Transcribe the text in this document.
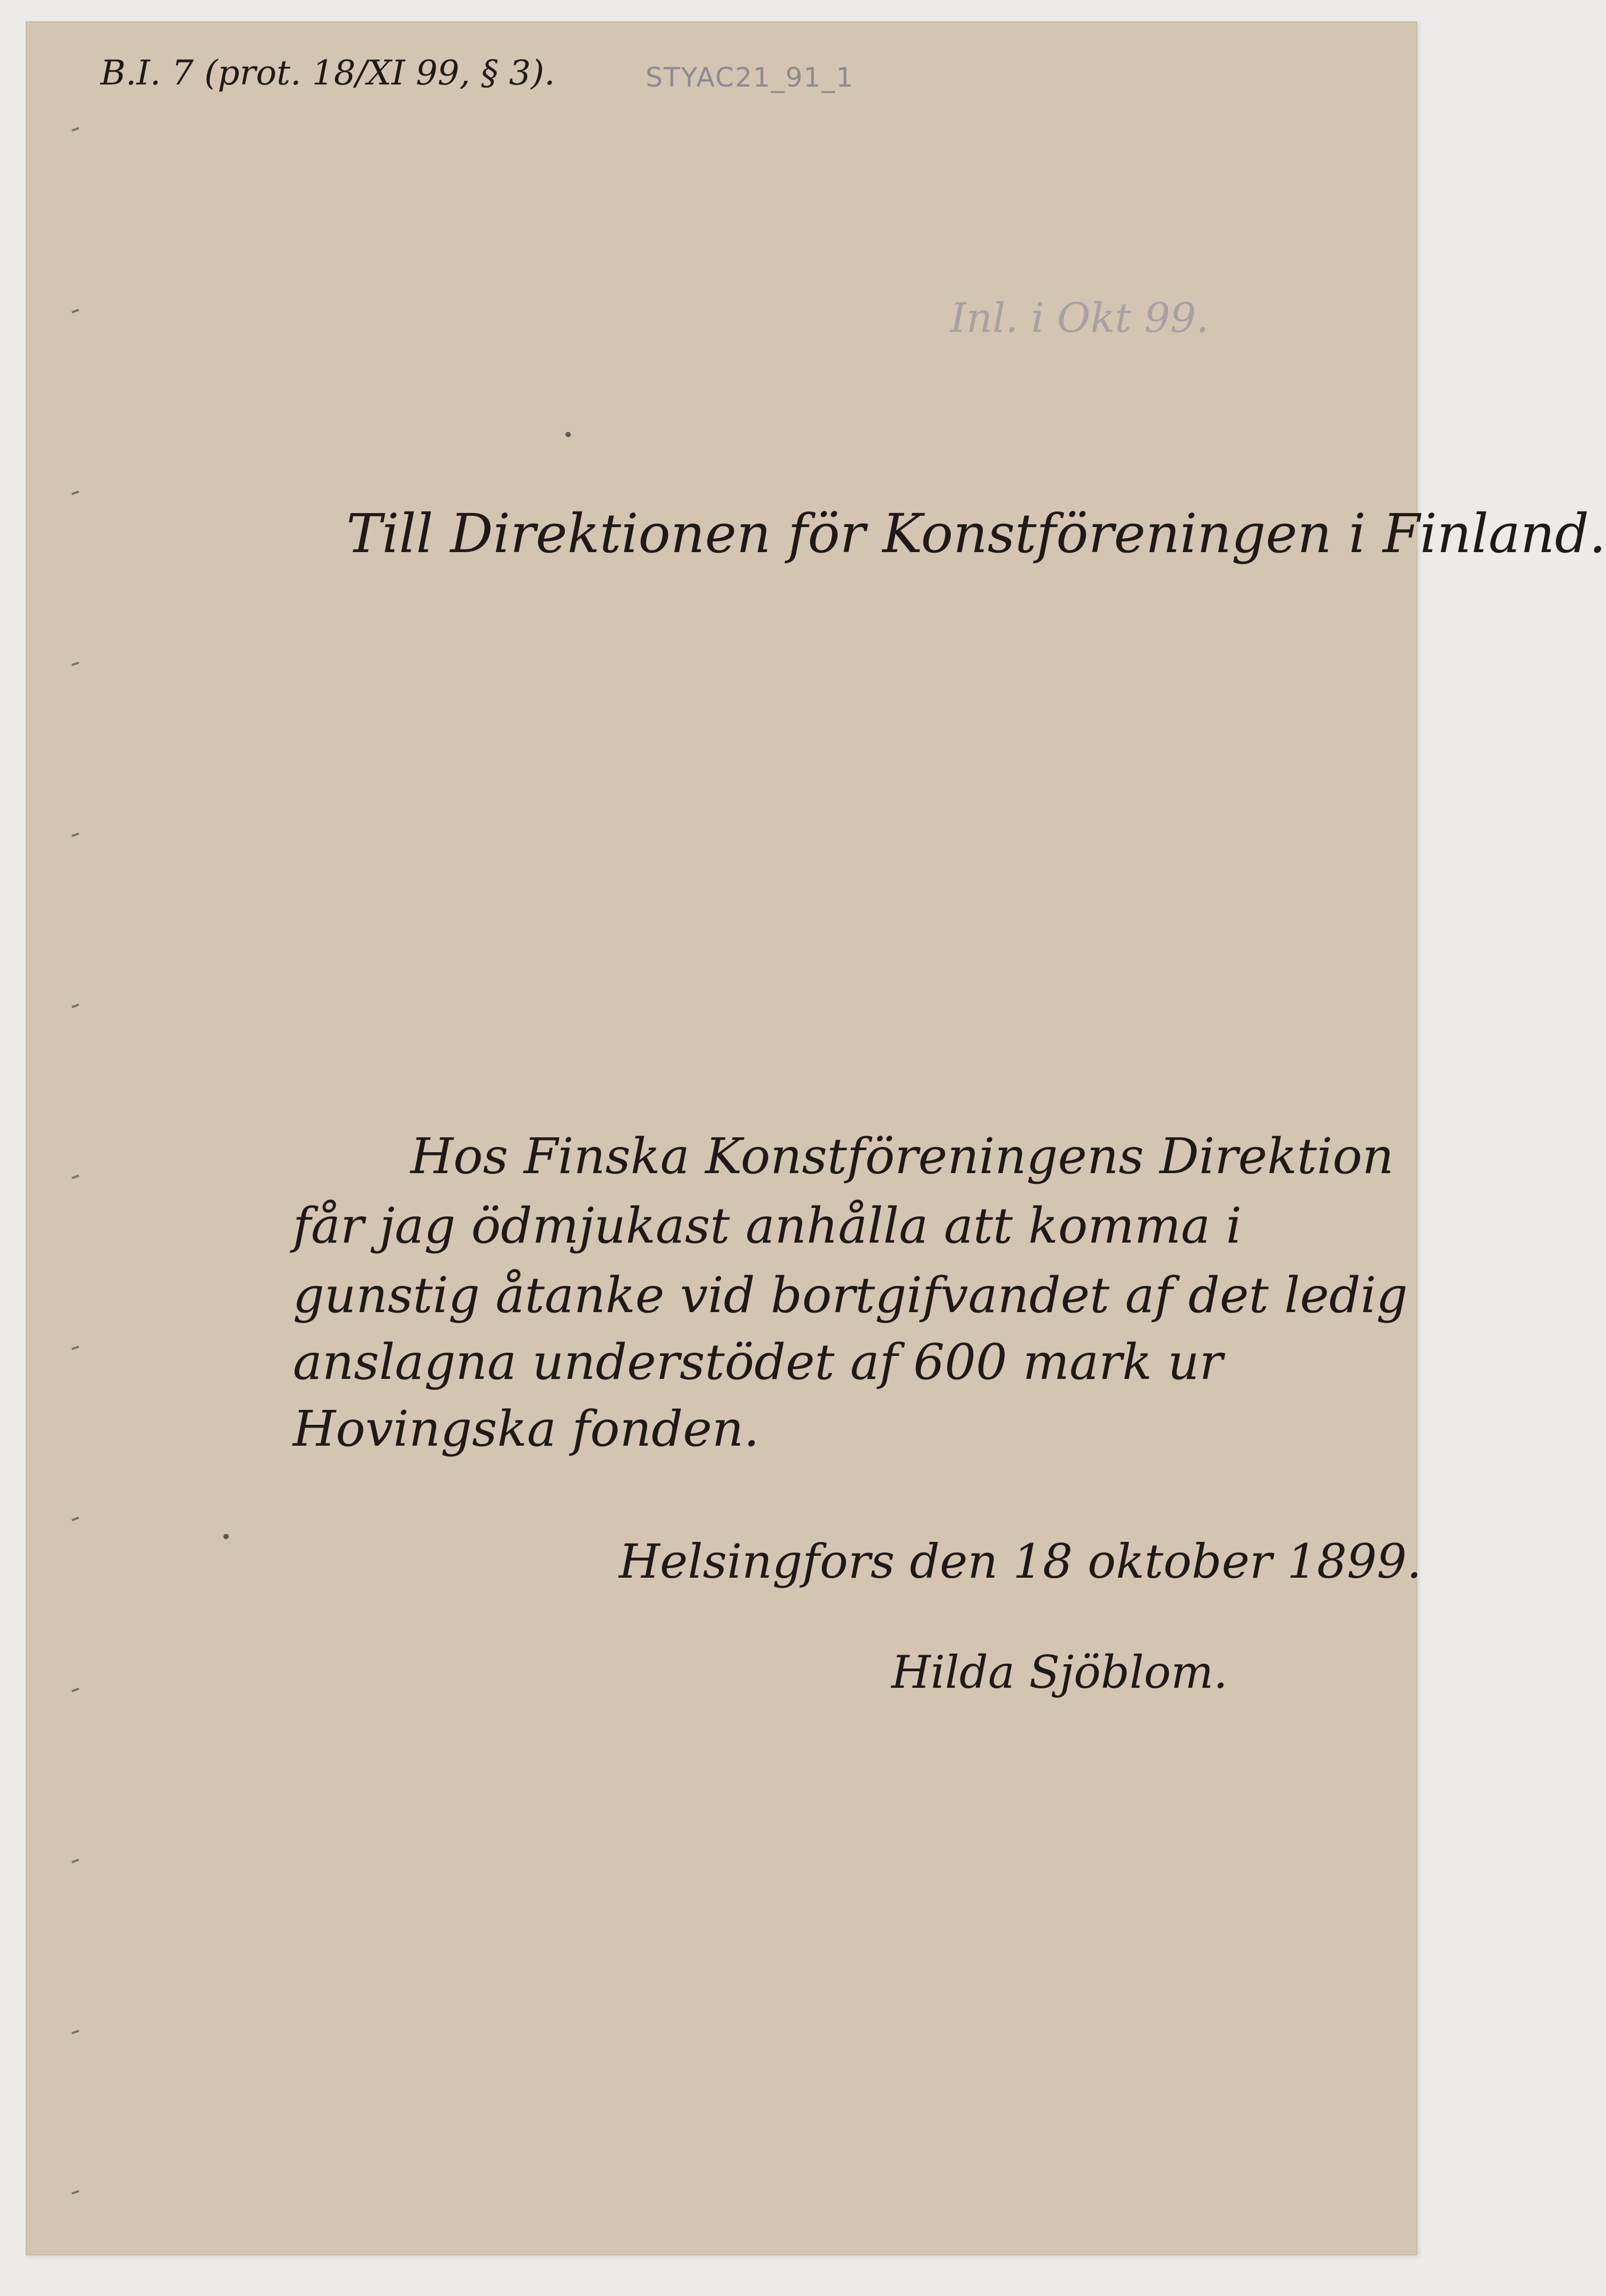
B.I. 7 (prot. 18/XI 99, § 3).	STYAC21_91_1
Inl. i Okt 99.
Till Direktionen för Konstföreningen i Finland.
Hos Finska Konstföreningens Direktion
får jag ödmjukast anhålla att komma i
gunstig åtanke vid bortgifvandet af det ledig
anslagna understödet af 600 mark ur
Hovingska fonden.
Helsingfors den 18 oktober 1899.
Hilda Sjöblom.
